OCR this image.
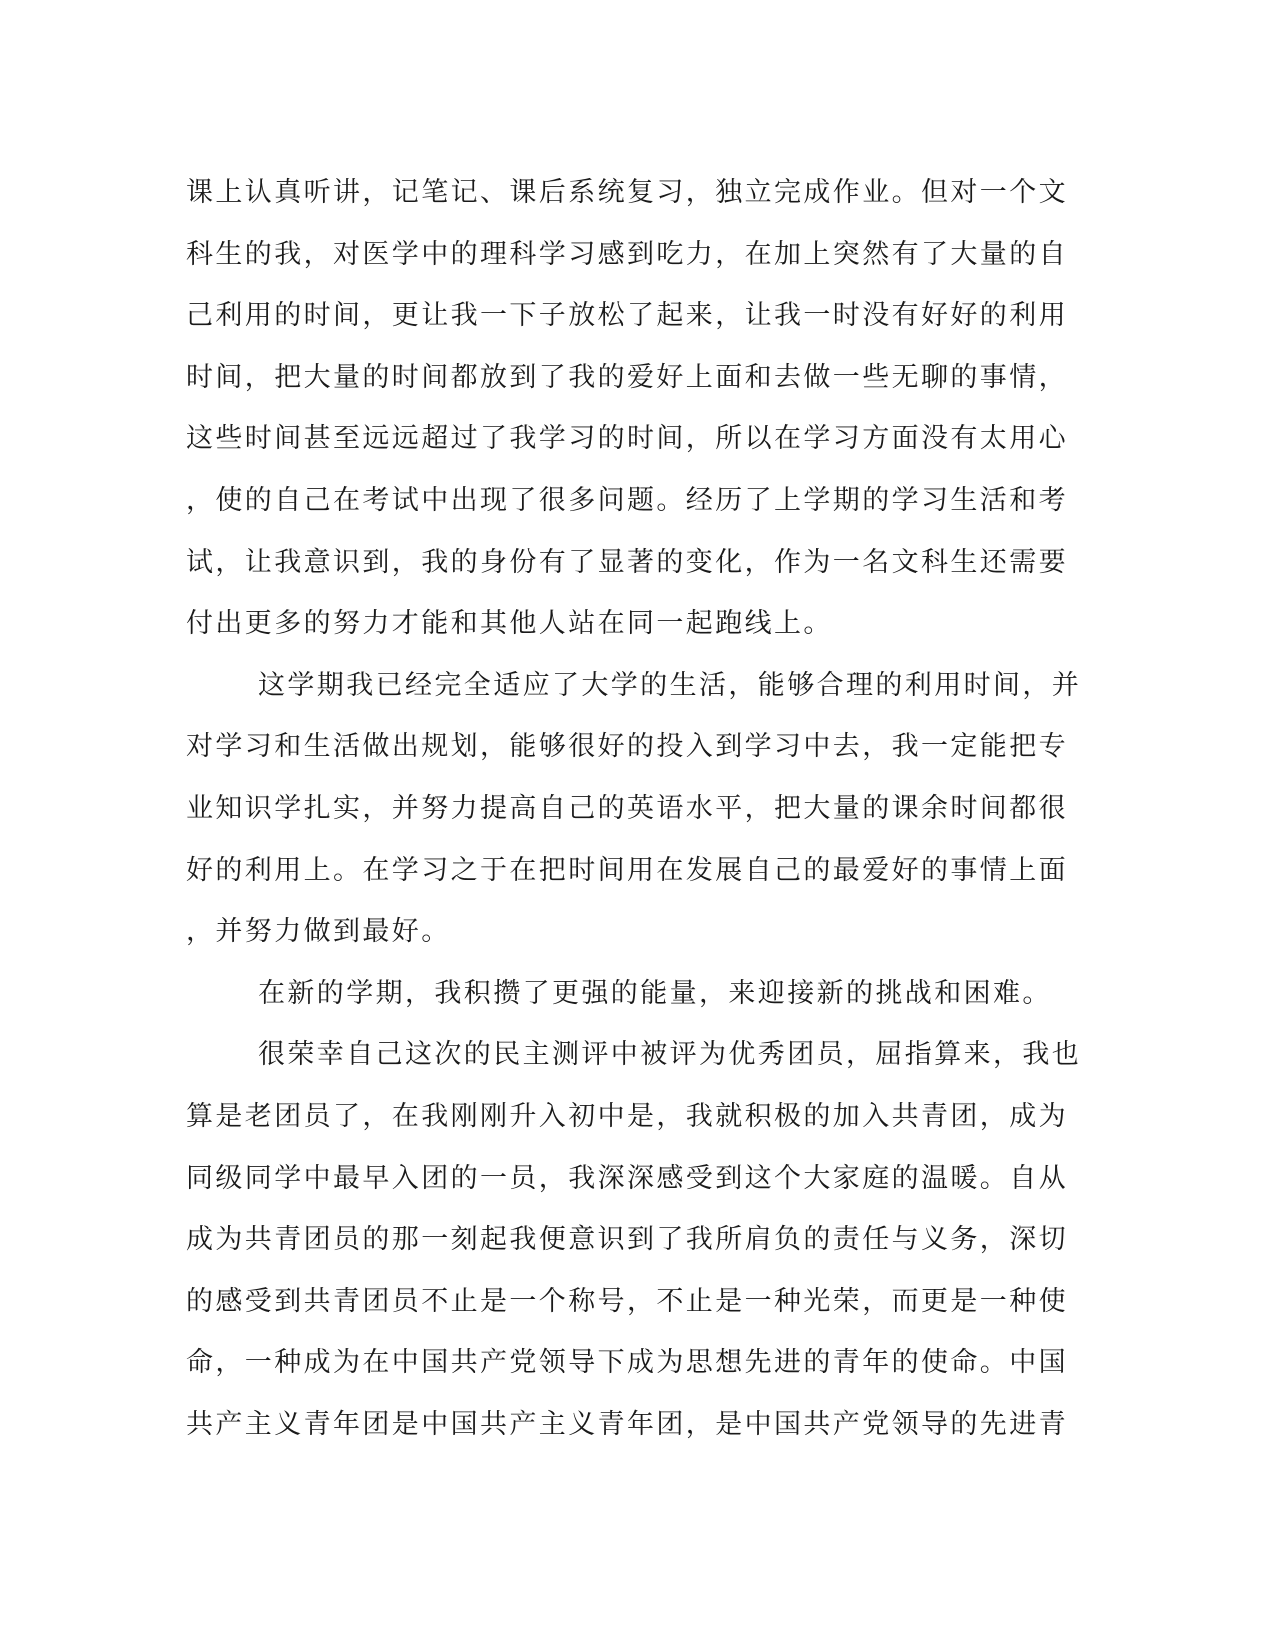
课上认真听讲，记笔记、课后系统复习，独立完成作业。但对一个文
科生的我，对医学中的理科学习感到吃力，在加上突然有了大量的自
己利用的时间，更让我一下子放松了起来，让我一时没有好好的利用
时间，把大量的时间都放到了我的爱好上面和去做一些无聊的事情，
这些时间甚至远远超过了我学习的时间，所以在学习方面没有太用心
，使的自己在考试中出现了很多问题。经历了上学期的学习生活和考
试，让我意识到，我的身份有了显著的变化，作为一名文科生还需要
付出更多的努力才能和其他人站在同一起跑线上。
这学期我已经完全适应了大学的生活，能够合理的利用时间，并
对学习和生活做出规划，能够很好的投入到学习中去，我一定能把专
业知识学扎实，并努力提高自己的英语水平，把大量的课余时间都很
好的利用上。在学习之于在把时间用在发展自己的最爱好的事情上面
，并努力做到最好。
在新的学期，我积攒了更强的能量，来迎接新的挑战和困难。
很荣幸自己这次的民主测评中被评为优秀团员，屈指算来，我也
算是老团员了，在我刚刚升入初中是，我就积极的加入共青团，成为
同级同学中最早入团的一员，我深深感受到这个大家庭的温暖。自从
成为共青团员的那一刻起我便意识到了我所肩负的责任与义务，深切
的感受到共青团员不止是一个称号，不止是一种光荣，而更是一种使
命，一种成为在中国共产党领导下成为思想先进的青年的使命。中国
共产主义青年团是中国共产主义青年团，是中国共产党领导的先进青
